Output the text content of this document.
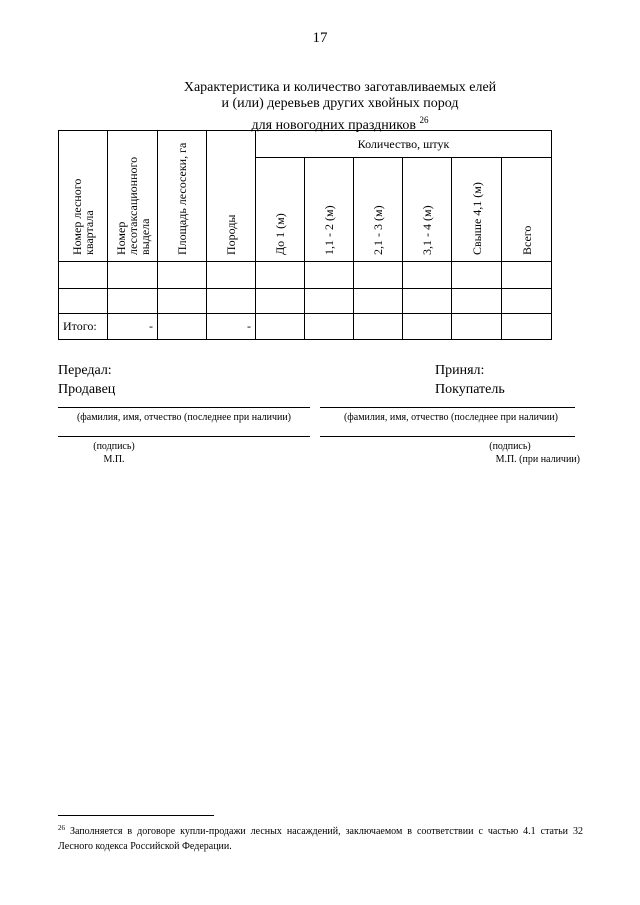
17
Характеристика и количество заготавливаемых елей
и (или) деревьев других хвойных пород
для новогодних праздников $^{26}$
Номер лесного квартала	Номер лесотаксационного выдела	Площадь лесосеки, га	Породы	Количество, штук					

				До 1 (м)	1,1 - 2 (м)	2,1 - 3 (м)	3,1 - 4 (м)	Свыше 4,1 (м)	Всего

Итого:	-		-						
Передал:
Продавец
Принял:
Покупатель
(фамилия, имя, отчество (последнее при наличии)	(фамилия, имя, отчество (последнее при наличии)
(подпись)
М.П.
(подпись)
М.П. (при наличии)
$^{26}$ Заполняется в договоре купли-продажи лесных насаждений, заключаемом в соответствии с частью 4.1 статьи 32 Лесного кодекса Российской Федерации.
